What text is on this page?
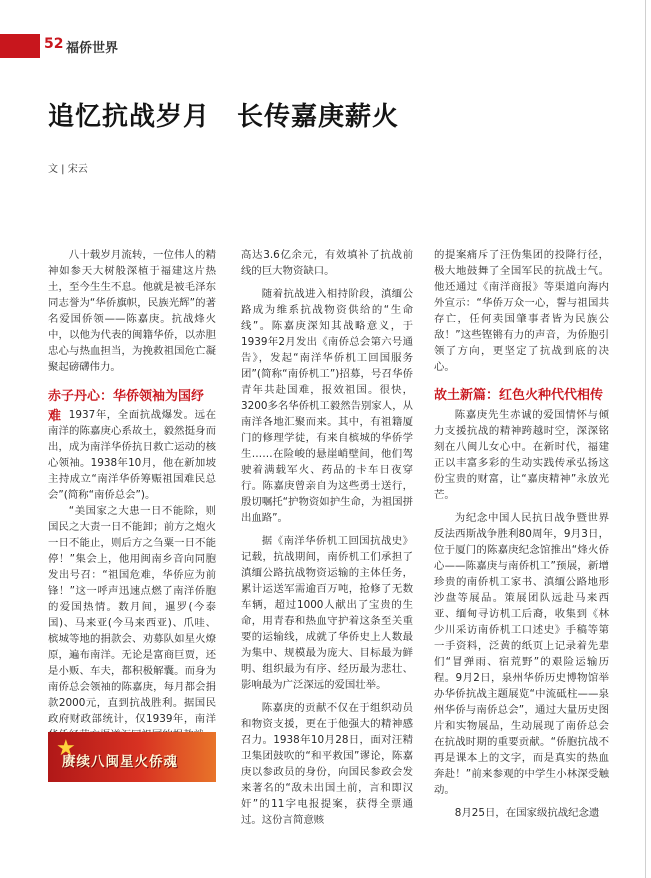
52 福侨世界
追忆抗战岁月　长传嘉庚薪火
文 | 宋云

八十载岁月流转，一位伟人的精神如参天大树般深植于福建这片热土，至今生生不息。他就是被毛泽东同志誉为“华侨旗帜，民族光辉”的著名爱国侨领——陈嘉庚。抗战烽火中，以他为代表的闽籍华侨，以赤胆忠心与热血担当，为挽救祖国危亡凝聚起磅礴伟力。

赤子丹心：华侨领袖为国纾难 1937年，全面抗战爆发。远在南洋的陈嘉庚心系故土，毅然挺身而出，成为南洋华侨抗日救亡运动的核心领袖。1938年10月，他在新加坡主持成立“南洋华侨筹赈祖国难民总会”(简称“南侨总会”)。

“美国家之大患一日不能除，则国民之大责一日不能卸；前方之炮火一日不能止，则后方之刍粟一日不能停！”集会上，他用闽南乡音向同胞发出号召：“祖国危难，华侨应为前锋！”这一呼声迅速点燃了南洋侨胞的爱国热情。数月间，暹罗(今泰国)、马来亚(今马来西亚)、爪哇、槟城等地的捐款会、劝募队如星火燎原，遍布南洋。无论是富商巨贾，还是小贩、车夫，都积极解囊。而身为南侨总会领袖的陈嘉庚，每月都会捐款2000元，直到抗战胜利。据国民政府财政部统计，仅1939年，南洋

★
赓续八闽星火侨魂

高达3.6亿余元，有效填补了抗战前线的巨大物资缺口。

随着抗战进入相持阶段，滇缅公路成为维系抗战物资供给的“生命线”。陈嘉庚深知其战略意义，于1939年2月发出《南侨总会第六号通告》，发起“南洋华侨机工回国服务团”(简称“南侨机工”)招募，号召华侨青年共赴国难，报效祖国。很快，3200多名华侨机工毅然告别家人，从南洋各地汇聚而来。其中，有祖籍厦门的修理学徒，有来自槟城的华侨学生……在险峻的悬崖峭壁间，他们驾驶着满载军火、药品的卡车日夜穿行。陈嘉庚曾亲自为这些勇士送行，殷切嘱托“护物资如护生命，为祖国拼出血路”。

据《南洋华侨机工回国抗战史》记载，抗战期间，南侨机工们承担了滇缅公路抗战物资运输的主体任务，累计运送军需逾百万吨，抢修了无数车辆，超过1000人献出了宝贵的生命，用青春和热血守护着这条至关重要的运输线，成就了华侨史上人数最为集中、规模最为庞大、目标最为鲜明、组织最为有序、经历最为悲壮、影响最为广泛深远的爱国壮举。

陈嘉庚的贡献不仅在于组织动员和物资支援，更在于他强大的精神感召力。1938年10月28日，面对汪精卫集团鼓吹的“和平救国”谬论，陈嘉庚以参政员的身份，向国民参政会发来著名的“敌未出国土前，言和即汉奸”的11字电报提案，获得全票通过。这份言简意赅

的提案痛斥了汪伪集团的投降行径，极大地鼓舞了全国军民的抗战士气。他还通过《南洋商报》等渠道向海内外宣示：“华侨万众一心，誓与祖国共存亡，任何卖国肇事者皆为民族公敌！”这些铿锵有力的声音，为侨胞引领了方向，更坚定了抗战到底的决心。

故土新篇：红色火种代代相传

陈嘉庚先生赤诚的爱国情怀与倾力支援抗战的精神跨越时空，深深铭刻在八闽儿女心中。在新时代，福建正以丰富多彩的生动实践传承弘扬这份宝贵的财富，让“嘉庚精神”永放光芒。

为纪念中国人民抗日战争暨世界反法西斯战争胜利80周年，9月3日，位于厦门的陈嘉庚纪念馆推出“烽火侨心——陈嘉庚与南侨机工”预展，新增珍贵的南侨机工家书、滇缅公路地形沙盘等展品。策展团队远赴马来西亚、缅甸寻访机工后裔，收集到《林少川采访南侨机工口述史》手稿等第一手资料，泛黄的纸页上记录着先辈们“冒弹雨、宿荒野”的艰险运输历程。9月2日，泉州华侨历史博物馆举办华侨抗战主题展览“中流砥柱——泉州华侨与南侨总会”，通过大量历史图片和实物展品，生动展现了南侨总会在抗战时期的重要贡献。“侨胞抗战不再是课本上的文字，而是真实的热血奔赴！”前来参观的中学生小林深受触动。

8月25日，在国家级抗战纪念遗
